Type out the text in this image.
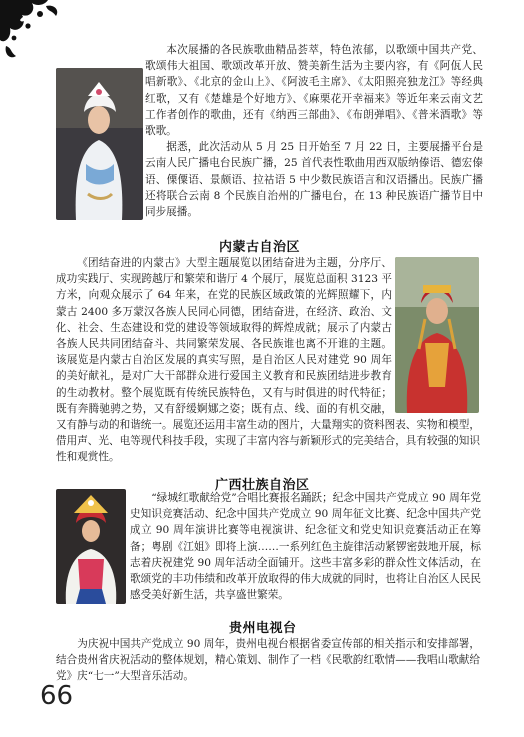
本次展播的各民族歌曲精品荟萃，特色浓郁，以歌颂中国共产党、歌颂伟大祖国、歌颂改革开放、赞美新生活为主要内容，有《阿佤人民唱新歌》、《北京的金山上》、《阿波毛主席》、《太阳照亮独龙江》等经典红歌，又有《楚雄是个好地方》、《麻栗花开幸福来》等近年来云南文艺工作者创作的歌曲，还有《纳西三部曲》、《布朗弹唱》、《普米酒歌》等歌歌。

据悉，此次活动从 5 月 25 日开始至 7 月 22 日，主要展播平台是云南人民广播电台民族广播，25 首代表性歌曲用西双版纳傣语、德宏傣语、傈僳语、景颇语、拉祜语 5 中少数民族语言和汉语播出。民族广播还将联合云南 8 个民族自治州的广播电台，在 13 种民族语广播节目中同步展播。

内蒙古自治区

《团结奋进的内蒙古》大型主题展览以团结奋进为主题，分序厅、成功实践厅、实现跨越厅和繁荣和谐厅 4 个展厅，展览总面积 3123 平方米，向观众展示了 64 年来，在党的民族区域政策的光辉照耀下，内蒙古 2400 多万蒙汉各族人民同心同德，团结奋进，在经济、政治、文化、社会、生态建设和党的建设等领域取得的辉煌成就；展示了内蒙古各族人民共同团结奋斗、共同繁荣发展、各民族谁也离不开谁的主题。该展览是内蒙古自治区发展的真实写照，是自治区人民对建党 90 周年的美好献礼，是对广大干部群众进行爱国主义教育和民族团结进步教育的生动教材。整个展览既有传统民族特色，又有与时俱进的时代特征；既有奔腾驰骋之势，又有舒缓婀娜之姿；既有点、线、面的有机交融，又有静与动的和谐统一。展览还运用丰富生动的图片，大量翔实的资料图表、实物和模型，借用声、光、电等现代科技手段，实现了丰富内容与新颖形式的完美结合，具有较强的知识性和观赏性。

广西壮族自治区

“绿城红歌献给党”合唱比赛报名踊跃；纪念中国共产党成立 90 周年党史知识竞赛活动、纪念中国共产党成立 90 周年征文比赛、纪念中国共产党成立 90 周年演讲比赛等电视演讲、纪念征文和党史知识竞赛活动正在筹备；粤剧《江姐》即将上演……一系列红色主旋律活动紧锣密鼓地开展，标志着庆祝建党 90 周年活动全面铺开。这些丰富多彩的群众性文体活动，在歌颂党的丰功伟绩和改革开放取得的伟大成就的同时，也将让自治区人民民感受美好新生活，共享盛世繁荣。

贵州电视台

为庆祝中国共产党成立 90 周年，贵州电视台根据省委宣传部的相关指示和安排部署，结合贵州省庆祝活动的整体规划，精心策划、制作了一档《民歌韵红歌情——我唱山歌献给党》庆“七一”大型音乐活动。

66
